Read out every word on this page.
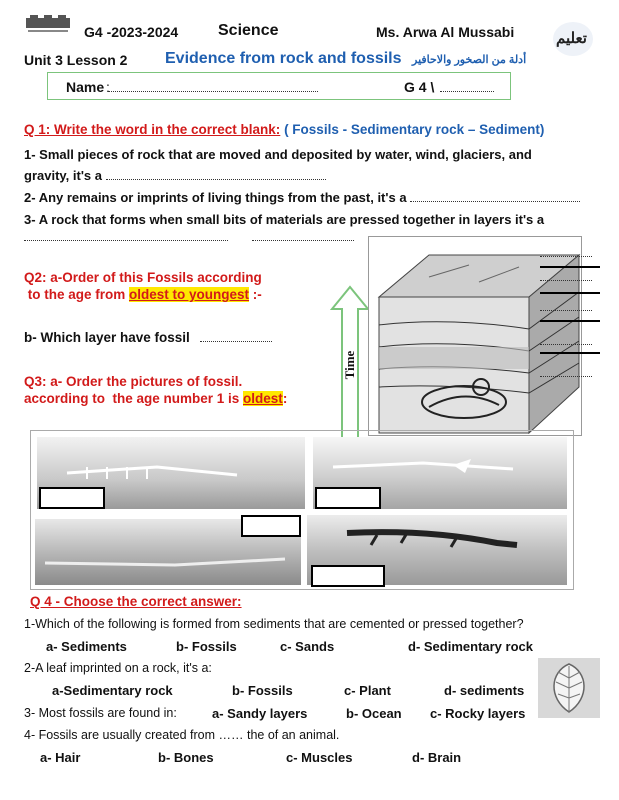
G4 -2023-2024 Science	Ms. Arwa Al Mussabi	تعليم
Unit 3 Lesson 2 Evidence from rock and fossils أدلة من الصخور والاحافير
Name :	G 4 \
Q 1: Write the word in the correct blank: ( Fossils - Sedimentary rock – Sediment)
1- Small pieces of rock that are moved and deposited by water, wind, glaciers, and
gravity, it's a
2- Any remains or imprints of living things from the past, it's a
3- A rock that forms when small bits of materials are pressed together in layers it's a
Q2: a-Order of this Fossils according
to the age from oldest to youngest :-
b- Which layer have fossil
Q3: a- Order the pictures of fossil.
according to  the age number 1 is oldest:
Time
Q 4 - Choose the correct answer:
1-Which of the following is formed from sediments that are cemented or pressed together?
a- Sediments	b- Fossils	c- Sands	d- Sedimentary rock
2-A leaf imprinted on a rock, it's a:
a-Sedimentary rock	b- Fossils	c- Plant	d- sediments
3- Most fossils are found in:	a- Sandy layers	b- Ocean c- Rocky layers
4- Fossils are usually created from …… the of an animal.
a- Hair	b- Bones	c- Muscles	d- Brain
